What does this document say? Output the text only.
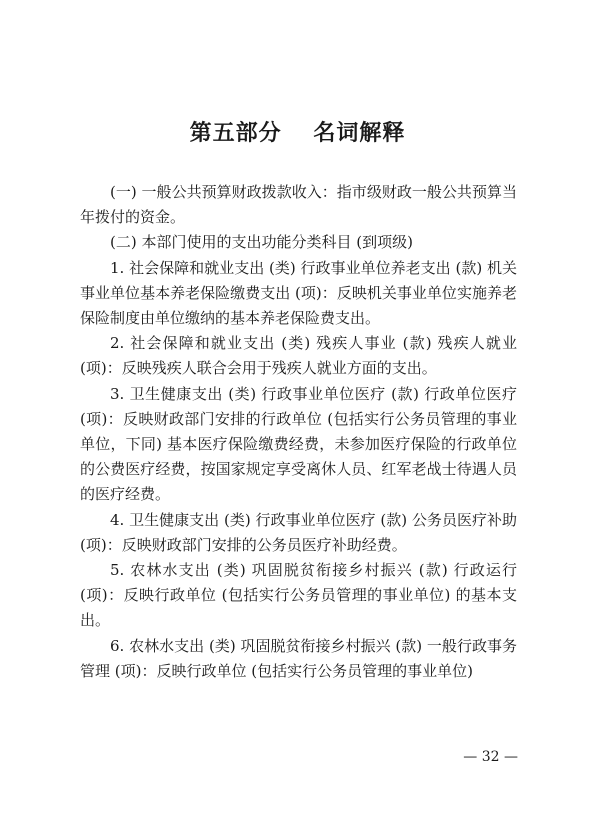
第五部分　 名词解释

(一) 一般公共预算财政拨款收入：指市级财政一般公共预算当年拨付的资金。

(二) 本部门使用的支出功能分类科目 (到项级)

1. 社会保障和就业支出 (类) 行政事业单位养老支出 (款) 机关事业单位基本养老保险缴费支出 (项)：反映机关事业单位实施养老保险制度由单位缴纳的基本养老保险费支出。

2. 社会保障和就业支出 (类) 残疾人事业 (款) 残疾人就业 (项)：反映残疾人联合会用于残疾人就业方面的支出。

3. 卫生健康支出 (类) 行政事业单位医疗 (款) 行政单位医疗 (项)：反映财政部门安排的行政单位 (包括实行公务员管理的事业单位，下同) 基本医疗保险缴费经费，未参加医疗保险的行政单位的公费医疗经费，按国家规定享受离休人员、红军老战士待遇人员的医疗经费。

4. 卫生健康支出 (类) 行政事业单位医疗 (款) 公务员医疗补助 (项)：反映财政部门安排的公务员医疗补助经费。

5. 农林水支出 (类) 巩固脱贫衔接乡村振兴 (款) 行政运行 (项)：反映行政单位 (包括实行公务员管理的事业单位) 的基本支出。

6. 农林水支出 (类) 巩固脱贫衔接乡村振兴 (款) 一般行政事务管理 (项)：反映行政单位 (包括实行公务员管理的事业单位)

— 32 —
